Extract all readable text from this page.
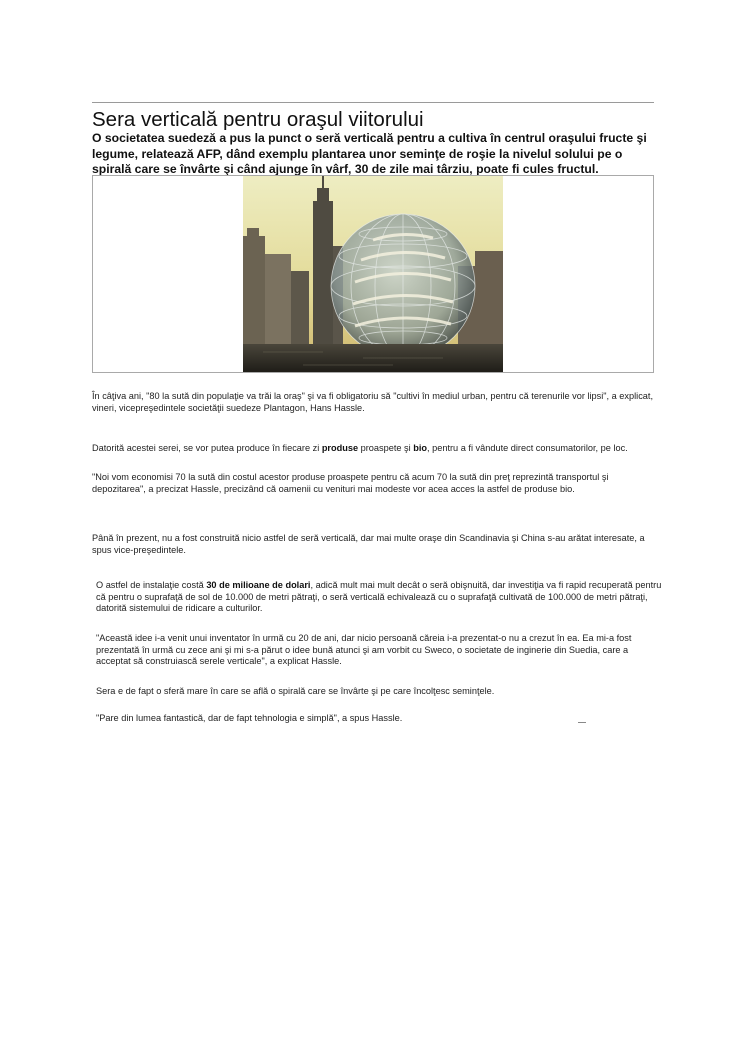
Sera verticală pentru oraşul viitorului

O societatea suedeză a pus la punct o seră verticală pentru a cultiva în centrul oraşului fructe şi legume, relatează AFP, dând exemplu plantarea unor seminţe de roşie la nivelul solului pe o spirală care se învârte şi când ajunge în vârf, 30 de zile mai târziu, poate fi cules fructul.

În câţiva ani, "80 la sută din populaţie va trăi la oraş" şi va fi obligatoriu să "cultivi în mediul urban, pentru că terenurile vor lipsi", a explicat, vineri, vicepreşedintele societăţii suedeze Plantagon, Hans Hassle.

Datorită acestei serei, se vor putea produce în fiecare zi produse proaspete şi bio, pentru a fi vândute direct consumatorilor, pe loc.

"Noi vom economisi 70 la sută din costul acestor produse proaspete pentru că acum 70 la sută din preţ reprezintă transportul şi depozitarea", a precizat Hassle, precizând că oamenii cu venituri mai modeste vor acea acces la astfel de produse bio.

Până în prezent, nu a fost construită nicio astfel de seră verticală, dar mai multe oraşe din Scandinavia şi China s-au arătat interesate, a spus vice-preşedintele.

O astfel de instalaţie costă 30 de milioane de dolari, adică mult mai mult decât o seră obişnuită, dar investiţia va fi rapid recuperată pentru că pentru o suprafaţă de sol de 10.000 de metri pătraţi, o seră verticală echivalează cu o suprafaţă cultivată de 100.000 de metri pătraţi, datorită sistemului de ridicare a culturilor.

"Această idee i-a venit unui inventator în urmă cu 20 de ani, dar nicio persoană căreia i-a prezentat-o nu a crezut în ea. Ea mi-a fost prezentată în urmă cu zece ani şi mi s-a părut o idee bună atunci şi am vorbit cu Sweco, o societate de inginerie din Suedia, care a acceptat să construiască serele verticale", a explicat Hassle.

Sera e de fapt o sferă mare în care se află o spirală care se învârte şi pe care încolţesc seminţele.

"Pare din lumea fantastică, dar de fapt tehnologia e simplă", a spus Hassle.
